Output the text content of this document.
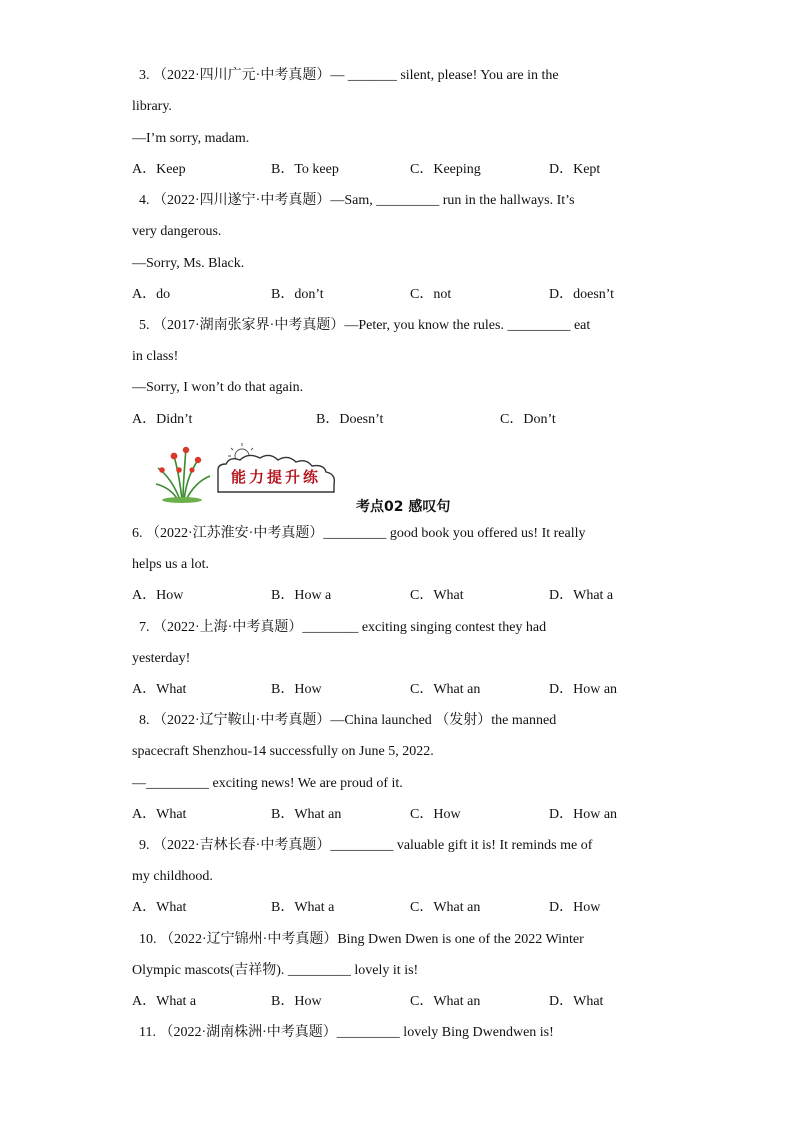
3. （2022·四川广元·中考真题）— _______ silent, please! You are in the
library.
—I’m sorry, madam.
A．Keep	B．To keep	C．Keeping	D．Kept
4. （2022·四川遂宁·中考真题）—Sam, _________ run in the hallways. It’s
very dangerous.
—Sorry, Ms. Black.
A．do	B．don’t	C．not	D．doesn’t
5. （2017·湖南张家界·中考真题）—Peter, you know the rules. _________ eat
in class!
—Sorry, I won’t do that again.
A．Didn’t	B．Doesn’t	C．Don’t
能力提升练
考点02 感叹句
6. （2022·江苏淮安·中考真题）_________ good book you offered us! It really
helps us a lot.
A．How	B．How a	C．What	D．What a
7. （2022·上海·中考真题）________ exciting singing contest they had
yesterday!
A．What	B．How	C．What an	D．How an
8. （2022·辽宁鞍山·中考真题）—China launched （发射）the manned
spacecraft Shenzhou-14 successfully on June 5, 2022.
—_________ exciting news! We are proud of it.
A．What	B．What an	C．How	D．How an
9. （2022·吉林长春·中考真题）_________ valuable gift it is! It reminds me of
my childhood.
A．What	B．What a	C．What an	D．How
10. （2022·辽宁锦州·中考真题）Bing Dwen Dwen is one of the 2022 Winter
Olympic mascots(吉祥物). _________ lovely it is!
A．What a	B．How	C．What an	D．What
11. （2022·湖南株洲·中考真题）_________ lovely Bing Dwendwen is!
